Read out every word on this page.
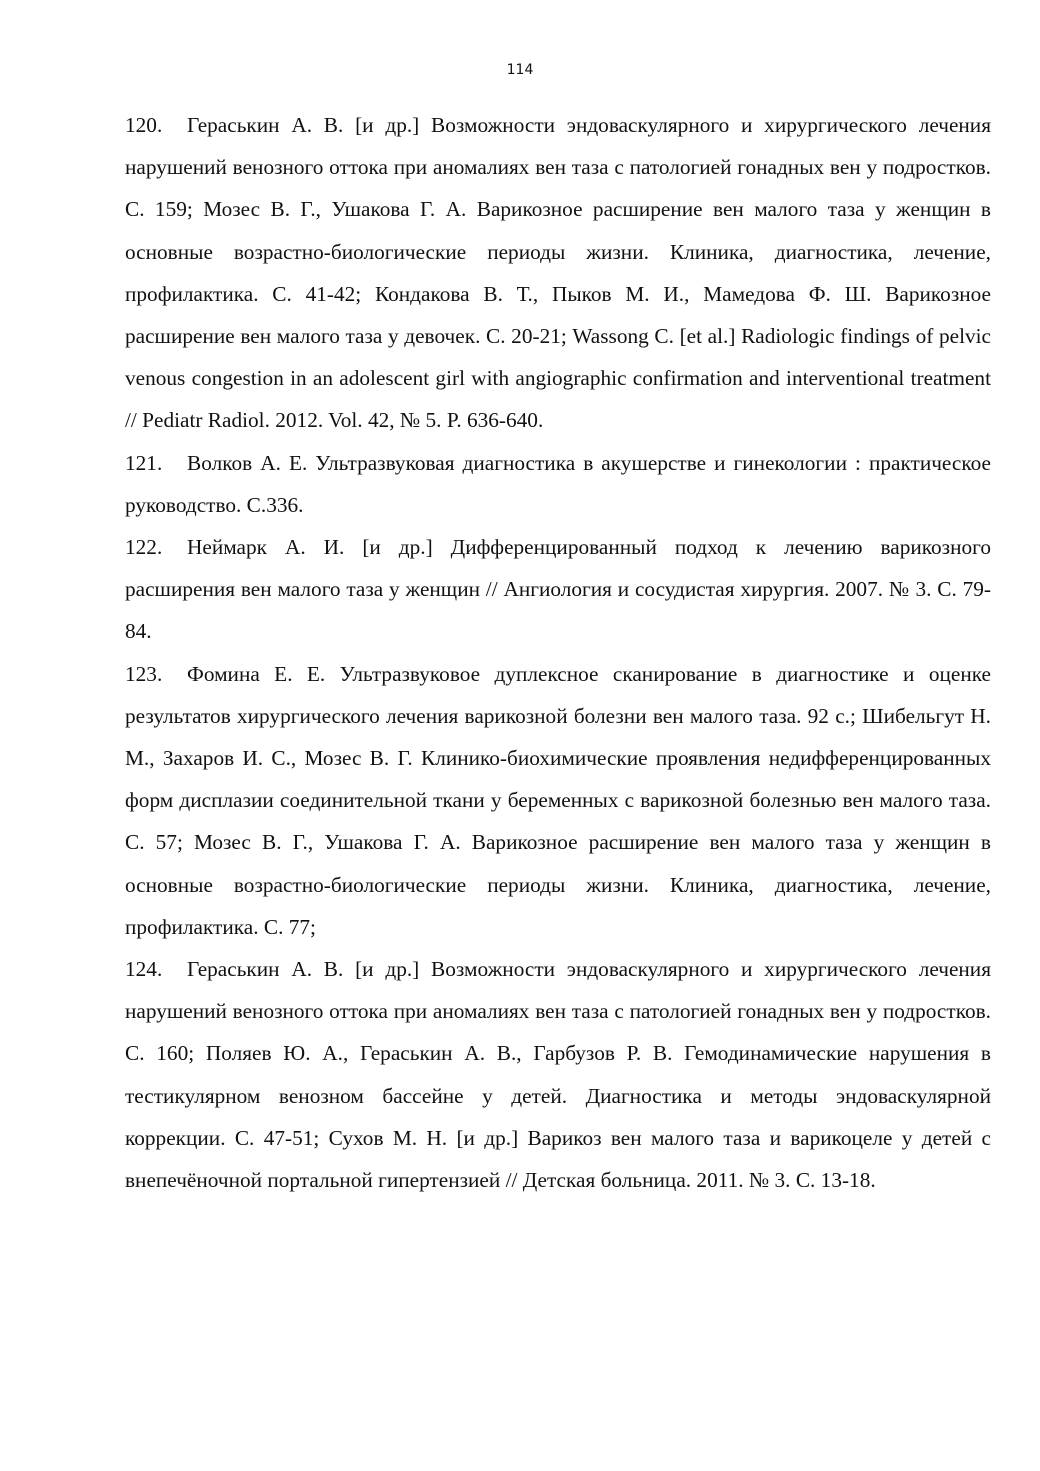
114

120. Гераськин А. В. [и др.] Возможности эндоваскулярного и хирургического лечения нарушений венозного оттока при аномалиях вен таза с патологией гонадных вен у подростков. С. 159; Мозес В. Г., Ушакова Г. А. Варикозное расширение вен малого таза у женщин в основные возрастно-биологические периоды жизни. Клиника, диагностика, лечение, профилактика. С. 41-42; Кондакова В. Т., Пыков М. И., Мамедова Ф. Ш. Варикозное расширение вен малого таза у девочек. С. 20-21; Wassong C. [et al.] Radiologic findings of pelvic venous congestion in an adolescent girl with angiographic confirmation and interventional treatment // Pediatr Radiol. 2012. Vol. 42, № 5. P. 636-640.

121. Волков А. Е. Ультразвуковая диагностика в акушерстве и гинекологии : практическое руководство. С.336.

122. Неймарк А. И. [и др.] Дифференцированный подход к лечению варикозного расширения вен малого таза у женщин // Ангиология и сосудистая хирургия. 2007. № 3. С. 79-84.

123. Фомина Е. Е. Ультразвуковое дуплексное сканирование в диагностике и оценке результатов хирургического лечения варикозной болезни вен малого таза. 92 с.; Шибельгут Н. М., Захаров И. С., Мозес В. Г. Клинико-биохимические проявления недифференцированных форм дисплазии соединительной ткани у беременных с варикозной болезнью вен малого таза. С. 57; Мозес В. Г., Ушакова Г. А. Варикозное расширение вен малого таза у женщин в основные возрастно-биологические периоды жизни. Клиника, диагностика, лечение, профилактика. С. 77;

124. Гераськин А. В. [и др.] Возможности эндоваскулярного и хирургического лечения нарушений венозного оттока при аномалиях вен таза с патологией гонадных вен у подростков. С. 160; Поляев Ю. А., Гераськин А. В., Гарбузов Р. В. Гемодинамические нарушения в тестикулярном венозном бассейне у детей. Диагностика и методы эндоваскулярной коррекции. С. 47-51; Сухов М. Н. [и др.] Варикоз вен малого таза и варикоцеле у детей с внепечёночной портальной гипертензией // Детская больница. 2011. № 3. С. 13-18.
